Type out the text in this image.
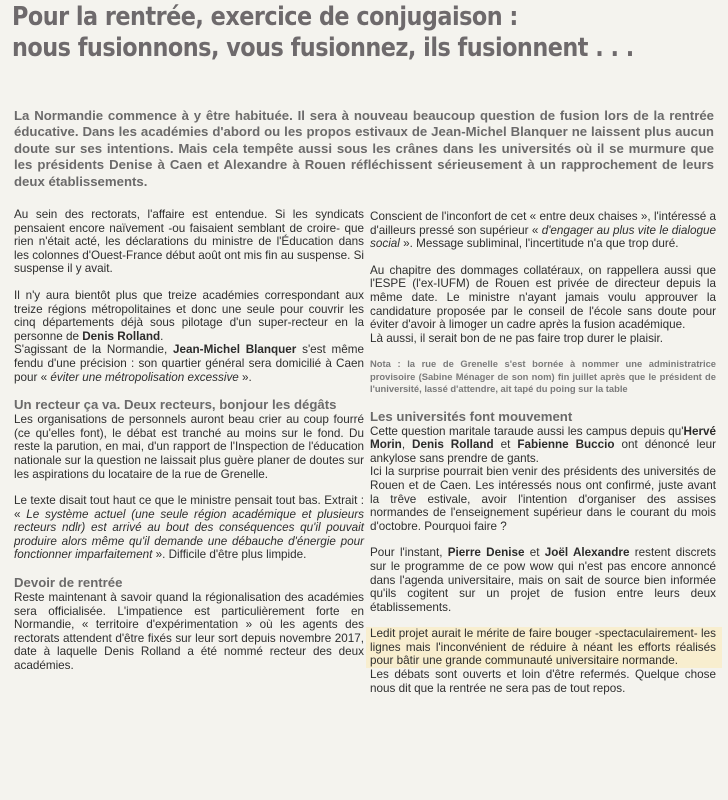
Pour la rentrée, exercice de conjugaison :
nous fusionnons, vous fusionnez, ils fusionnent . . .

La Normandie commence à y être habituée. Il sera à nouveau beaucoup question de fusion lors de la rentrée éducative. Dans les académies d'abord ou les propos estivaux de Jean-Michel Blanquer ne laissent plus aucun doute sur ses intentions. Mais cela tempête aussi sous les crânes dans les universités où il se murmure que les présidents Denise à Caen et Alexandre à Rouen réfléchissent sérieusement à un rapprochement de leurs deux établissements.

Au sein des rectorats, l'affaire est entendue. Si les syndicats pensaient encore naïvement -ou faisaient semblant de croire- que rien n'était acté, les déclarations du ministre de l'Éducation dans les colonnes d'Ouest-France début août ont mis fin au suspense. Si suspense il y avait.

Il n'y aura bientôt plus que treize académies correspondant aux treize régions métropolitaines et donc une seule pour couvrir les cinq départements déjà sous pilotage d'un super-recteur en la personne de Denis Rolland.

S'agissant de la Normandie, Jean-Michel Blanquer s'est même fendu d'une précision : son quartier général sera domicilié à Caen pour « éviter une métropolisation excessive ».

Un recteur ça va. Deux recteurs, bonjour les dégâts

Les organisations de personnels auront beau crier au coup fourré (ce qu'elles font), le débat est tranché au moins sur le fond. Du reste la parution, en mai, d'un rapport de l'Inspection de l'éducation nationale sur la question ne laissait plus guère planer de doutes sur les aspirations du locataire de la rue de Grenelle.

Le texte disait tout haut ce que le ministre pensait tout bas. Extrait : « Le système actuel (une seule région académique et plusieurs recteurs ndlr) est arrivé au bout des conséquences qu'il pouvait produire alors même qu'il demande une débauche d'énergie pour fonctionner imparfaitement ». Difficile d'être plus limpide.

Devoir de rentrée

Reste maintenant à savoir quand la régionalisation des académies sera officialisée. L'impatience est particulièrement forte en Normandie, « territoire d'expérimentation » où les agents des rectorats attendent d'être fixés sur leur sort depuis novembre 2017, date à laquelle Denis Rolland a été nommé recteur des deux académies.

Conscient de l'inconfort de cet « entre deux chaises », l'intéressé a d'ailleurs pressé son supérieur « d'engager au plus vite le dialogue social ». Message subliminal, l'incertitude n'a que trop duré.

Au chapitre des dommages collatéraux, on rappellera aussi que l'ESPE (l'ex-IUFM) de Rouen est privée de directeur depuis la même date. Le ministre n'ayant jamais voulu approuver la candidature proposée par le conseil de l'école sans doute pour éviter d'avoir à limoger un cadre après la fusion académique.

Là aussi, il serait bon de ne pas faire trop durer le plaisir.

Nota : la rue de Grenelle s'est bornée à nommer une administratrice provisoire (Sabine Ménager de son nom) fin juillet après que le président de l'université, lassé d'attendre, ait tapé du poing sur la table

Les universités font mouvement

Cette question maritale taraude aussi les campus depuis qu'Hervé Morin, Denis Rolland et Fabienne Buccio ont dénoncé leur ankylose sans prendre de gants.

Ici la surprise pourrait bien venir des présidents des universités de Rouen et de Caen. Les intéressés nous ont confirmé, juste avant la trêve estivale, avoir l'intention d'organiser des assises normandes de l'enseignement supérieur dans le courant du mois d'octobre. Pourquoi faire ?

Pour l'instant, Pierre Denise et Joël Alexandre restent discrets sur le programme de ce pow wow qui n'est pas encore annoncé dans l'agenda universitaire, mais on sait de source bien informée qu'ils cogitent sur un projet de fusion entre leurs deux établissements.

Ledit projet aurait le mérite de faire bouger -spectaculairement- les lignes mais l'inconvénient de réduire à néant les efforts réalisés pour bâtir une grande communauté universitaire normande.

Les débats sont ouverts et loin d'être refermés. Quelque chose nous dit que la rentrée ne sera pas de tout repos.
